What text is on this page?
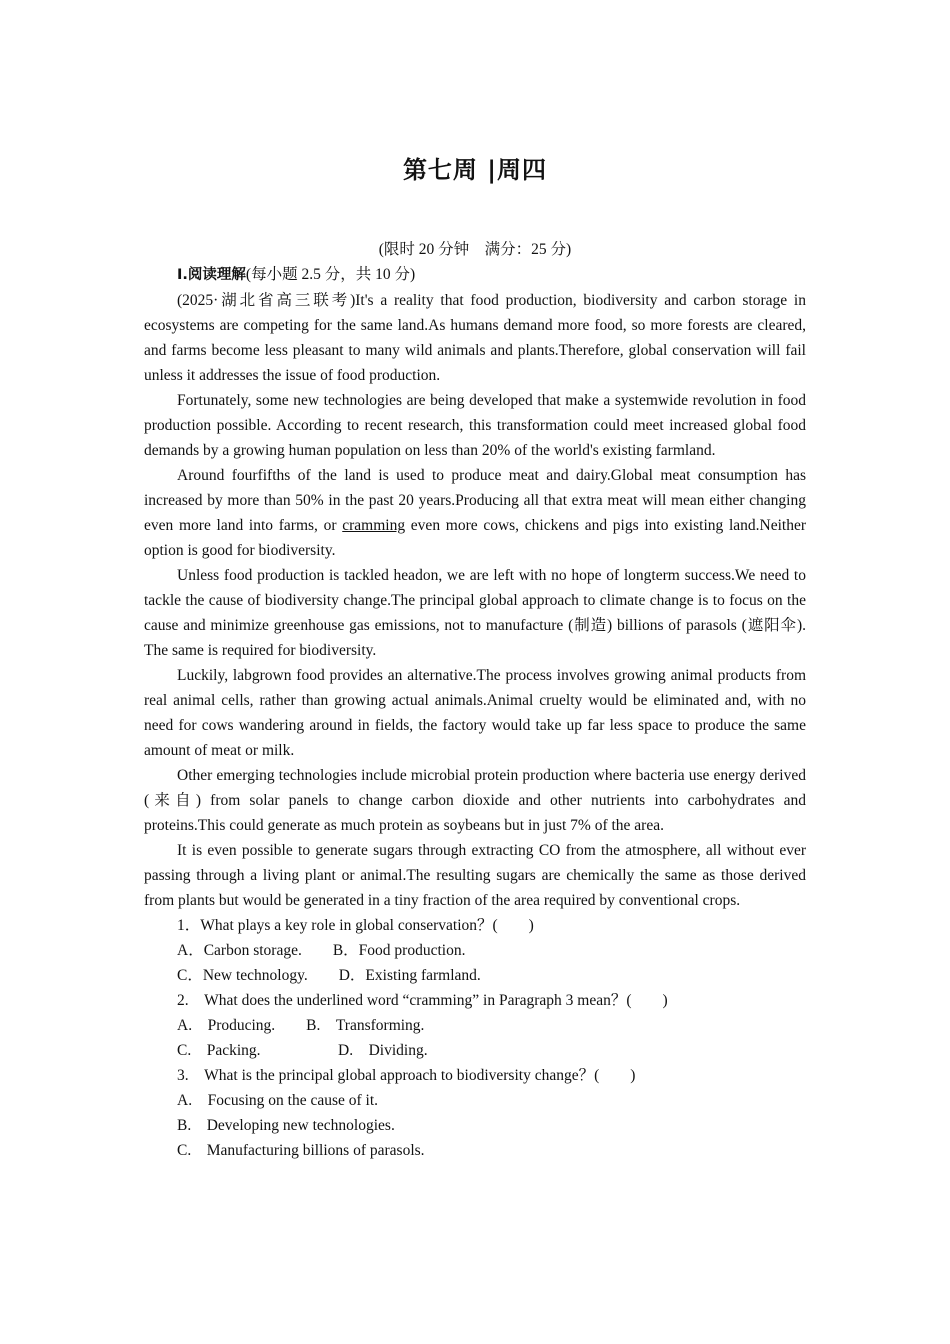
第七周 |周四
(限时 20 分钟　满分：25 分)

Ⅰ.阅读理解(每小题 2.5 分，共 10 分)

(2025·湖北省高三联考)It's a reality that food production, biodiversity and carbon storage in ecosystems are competing for the same land.As humans demand more food, so more forests are cleared, and farms become less pleasant to many wild animals and plants.Therefore, global conservation will fail unless it addresses the issue of food production.

Fortunately, some new technologies are being developed that make a systemwide revolution in food production possible. According to recent research, this transformation could meet increased global food demands by a growing human population on less than 20% of the world's existing farmland.

Around fourfifths of the land is used to produce meat and dairy.Global meat consumption has increased by more than 50% in the past 20 years.Producing all that extra meat will mean either changing even more land into farms, or cramming even more cows, chickens and pigs into existing land.Neither option is good for biodiversity.

Unless food production is tackled headon, we are left with no hope of longterm success.We need to tackle the cause of biodiversity change.The principal global approach to climate change is to focus on the cause and minimize greenhouse gas emissions, not to manufacture (制造) billions of parasols (遮阳伞). The same is required for biodiversity.

Luckily, labgrown food provides an alternative.The process involves growing animal products from real animal cells, rather than growing actual animals.Animal cruelty would be eliminated and, with no need for cows wandering around in fields, the factory would take up far less space to produce the same amount of meat or milk.

Other emerging technologies include microbial protein production where bacteria use energy derived (来自) from solar panels to change carbon dioxide and other nutrients into carbohydrates and proteins.This could generate as much protein as soybeans but in just 7% of the area.

It is even possible to generate sugars through extracting CO from the atmosphere, all without ever passing through a living plant or animal.The resulting sugars are chemically the same as those derived from plants but would be generated in a tiny fraction of the area required by conventional crops.

1．What plays a key role in global conservation？(　　)

A．Carbon storage.　　B．Food production.

C．New technology.　　D．Existing farmland.

2.　What does the underlined word “cramming” in Paragraph 3 mean？(　　)

A.　Producing.　　B.　Transforming.

C.　Packing.　　　　　D.　Dividing.

3.　What is the principal global approach to biodiversity change？(　　)

A.　Focusing on the cause of it.

B.　Developing new technologies.

C.　Manufacturing billions of parasols.
